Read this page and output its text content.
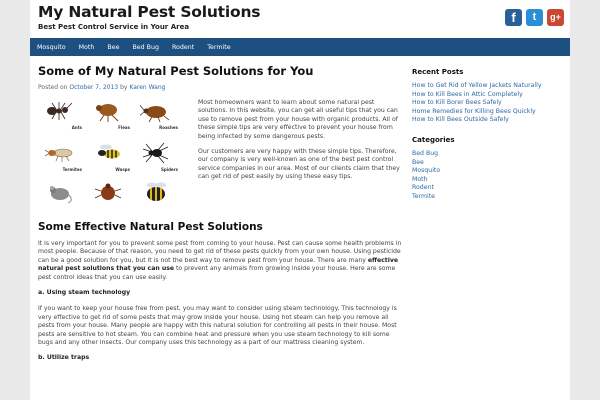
My Natural Pest Solutions
Best Pest Control Service in Your Area
f	t	g+
Mosquito Moth Bee Bed Bug Rodent Termite
Some of My Natural Pest Solutions for You
Posted on October 7, 2013 by Karen Wang
Ants	Fleas	Roaches
Termites	Wasps	Spiders

Most homeowners want to learn about some natural pest solutions. In this website, you can get all useful tips that you can use to remove pest from your house with organic products. All of these simple tips are very effective to prevent your house from being infected by some dangerous pests.

Our customers are very happy with these simple tips. Therefore, our company is very well-known as one of the best pest control service companies in our area. Most of our clients claim that they can get rid of pest easily by using these easy tips.

Some Effective Natural Pest Solutions

It is very important for you to prevent some pest from coming to your house. Pest can cause some health problems in most people. Because of that reason, you need to get rid of these pests quickly from your own house. Using pesticide can be a good solution for you, but it is not the best way to remove pest from your house. There are many effective natural pest solutions that you can use to prevent any animals from growing inside your house. Here are some pest control ideas that you can use easily.

a. Using steam technology

If you want to keep your house free from pest, you may want to consider using steam technology. This technology is very effective to get rid of some pests that may grow inside your house. Using hot steam can help you remove all pests from your house. Many people are happy with this natural solution for controlling all pests in their house. Most pests are sensitive to hot steam. You can combine heat and pressure when you use steam technology to kill some bugs and any other insects. Our company uses this technology as a part of our mattress cleaning system.

b. Utilize traps
Recent Posts
How to Get Rid of Yellow Jackets Naturally
How to Kill Bees in Attic Completely
How to Kill Borer Bees Safely
Home Remedies for Killing Bees Quickly
How to Kill Bees Outside Safely
Categories
Bed Bug
Bee
Mosquito
Moth
Rodent
Termite
